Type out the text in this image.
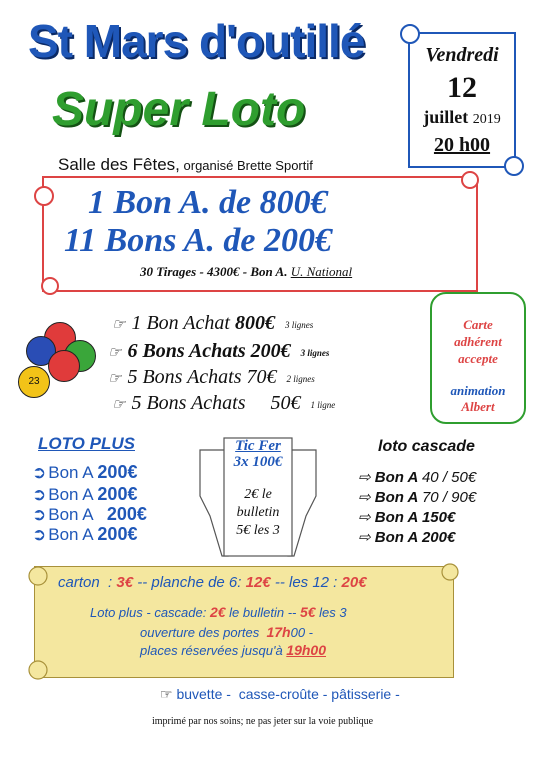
St Mars d'outillé
Super Loto
Vendredi
12
juillet 2019
20 h00
Salle des Fêtes, organisé Brette Sportif
1 Bon A. de 800€
11 Bons A. de 200€
30 Tirages - 4300€ - Bon A. U. National
23
☞ 1 Bon Achat 800€ 3 lignes
☞ 6 Bons Achats 200€ 3 lignes
☞ 5 Bons Achats 70€ 2 lignes
☞ 5 Bons Achats     50€ 1 ligne
Carte
adhérent
accepte
animation
Albert
LOTO PLUS
➲ Bon A 200€
➲ Bon A 200€
➲ Bon A   200€
➲ Bon A 200€
Tic Fer
3x 100€
2€ le
bulletin
5€ les 3
loto cascade
⇨ Bon A 40 / 50€
⇨ Bon A 70 / 90€
⇨ Bon A 150€
⇨ Bon A 200€
carton  : 3€ -- planche de 6: 12€ -- les 12 : 20€
Loto plus - cascade: 2€ le bulletin -- 5€ les 3
ouverture des portes  17h00 -
places réservées jusqu'à 19h00
☞ buvette -  casse-croûte - pâtisserie -
imprimé par nos soins; ne pas jeter sur la voie publique
